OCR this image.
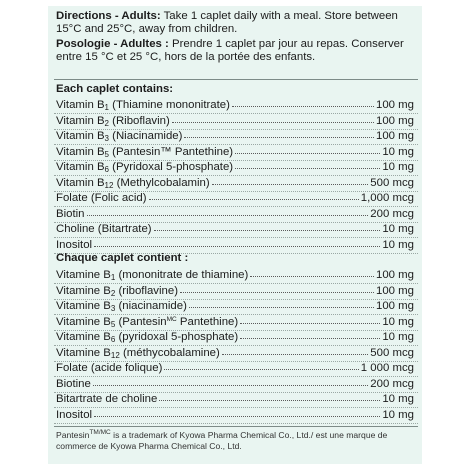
Directions - Adults: Take 1 caplet daily with a meal. Store between 15°C and 25°C, away from children.

Posologie - Adultes : Prendre 1 caplet par jour au repas. Conserver entre 15 °C et 25 °C, hors de la portée des enfants.

Each caplet contains:
Vitamin $B_1$ (Thiamine mononitrate)	100 mg
Vitamin $B_2$ (Riboflavin)	100 mg
Vitamin $B_3$ (Niacinamide)	100 mg
Vitamin $B_5$ (Pantesin™ Pantethine)	10 mg
Vitamin $B_6$ (Pyridoxal 5-phosphate)	10 mg
Vitamin $B_{12}$ (Methylcobalamin)	500 mcg
Folate (Folic acid)	1,000 mcg
Biotin	200 mcg
Choline (Bitartrate)	10 mg
Inositol	10 mg
Chaque caplet contient :
Vitamine $B_1$ (mononitrate de thiamine)	100 mg
Vitamine $B_2$ (riboflavine)	100 mg
Vitamine $B_3$ (niacinamide)	100 mg
Vitamine $B_5$ (Pantesin$^{MC}$ Pantethine)	10 mg
Vitamine $B_6$ (pyridoxal 5-phosphate)	10 mg
Vitamine $B_{12}$ (méthycobalamine)	500 mcg
Folate (acide folique)	1 000 mcg
Biotine	200 mcg
Bitartrate de choline	10 mg
Inositol	10 mg
Pantesin$^{TM/MC}$ is a trademark of Kyowa Pharma Chemical Co., Ltd./ est une marque de commerce de Kyowa Pharma Chemical Co., Ltd.
